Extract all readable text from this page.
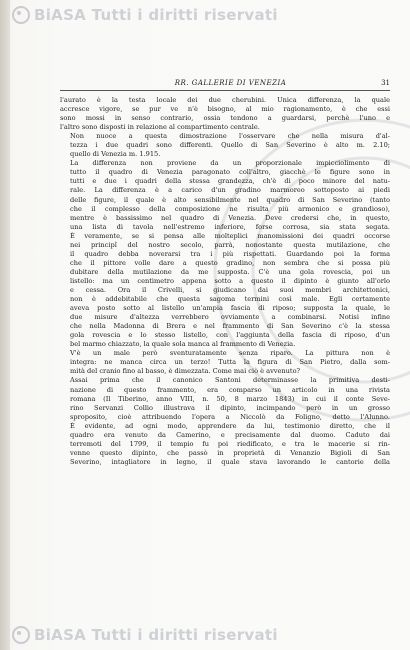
BiASA Tutti i diritti riservati
RR. GALLERIE DI VENEZIA	31

l'aurato è la testa locale dei due cherubini. Unica differenza, la quale
accresce vigore, se pur ve n'è bisogno, al mio ragionamento, è che essi
sono mossi in senso contrario, ossia tendono a guardarsi, perchè l'uno e
l'altro sono disposti in relazione al compartimento centrale.

Non nuoce a questa dimostrazione l'osservare che nella misura d'al-
tezza i due quadri sono differenti. Quello di San Severino è alto m. 2.10;
quello di Venezia m. 1.915.

La differenza non proviene da un proporzionale impicciolimento di
tutto il quadro di Venezia paragonato coll'altro, giacchè le figure sono in
tutti e due i quadri della stessa grandezza, ch'è di poco minore del natu-
rale. La differenza è a carico d'un gradino marmoreo sottoposto ai piedi
delle figure, il quale è alto sensibilmente nel quadro di San Severino (tanto
che il complesso della composizione ne risulta più armonico e grandioso),
mentre è bassissimo nel quadro di Venezia. Deve credersi che, in questo,
una lista di tavola nell'estremo inferiore, forse corrosa, sia stata segata.
È veramente, se si pensa alle molteplici manomissioni dei quadri occorse
nei principî del nostro secolo, parrà, nonostante questa mutilazione, che
il quadro debba noverarsi tra i più rispettati. Guardando poi la forma
che il pittore volle dare a questo gradino, non sembra che si possa più
dubitare della mutilazione da me supposta. C'è una gola rovescia, poi un
listello: ma un centimetro appena sotto a questo il dipinto è giunto all'orlo
e cessa. Ora il Crivelli, si giudicano dai suoi membri architettonici,
non è addebitabile che questa sagoma termini così male. Egli certamente
aveva posto sotto al listello un'ampia fascia di riposo; supposta la quale, le
due misure d'altezza verrebbero ovviamente a combinarsi. Notisi infine
che nella Madonna di Brera e nel frammento di San Severino c'è la stessa
gola rovescia e lo stesso listello, con l'aggiunta della fascia di riposo, d'un
bel marmo chiazzato, la quale sola manca al frammento di Venezia.

V'è un male però sventuratamente senza riparo. La pittura non è
integra: ne manca circa un terzo! Tutta la figura di San Pietro, dalla som-
mità del cranio fino al basso, è dimezzata. Come mai ciò è avvenuto?

Assai prima che il canonico Santoni determinasse la primitiva desti-
nazione di questo frammento, era comparso un articolo in una rivista
romana (Il Tiberino, anno VIII, n. 50, 8 marzo 1843) in cui il conte Seve-
rino Servanzi Collio illustrava il dipinto, incimpando però in un grosso
sproposito, cioè attribuendo l'opera a Niccolò da Foligno, detto l'Alunno.
È evidente, ad ogni modo, apprendere da lui, testimonio diretto, che il
quadro era venuto da Camerino, e precisamente dal duomo. Caduto dai
terremoti del 1799, il tempio fu poi riedificato, e tra le macerie si rin-
venne questo dipinto, che passò in proprietà di Venanzio Bigioli di San
Severino, intagliatore in legno, il quale stava lavorando le cantorie della

BiASA Tutti i diritti riservati
